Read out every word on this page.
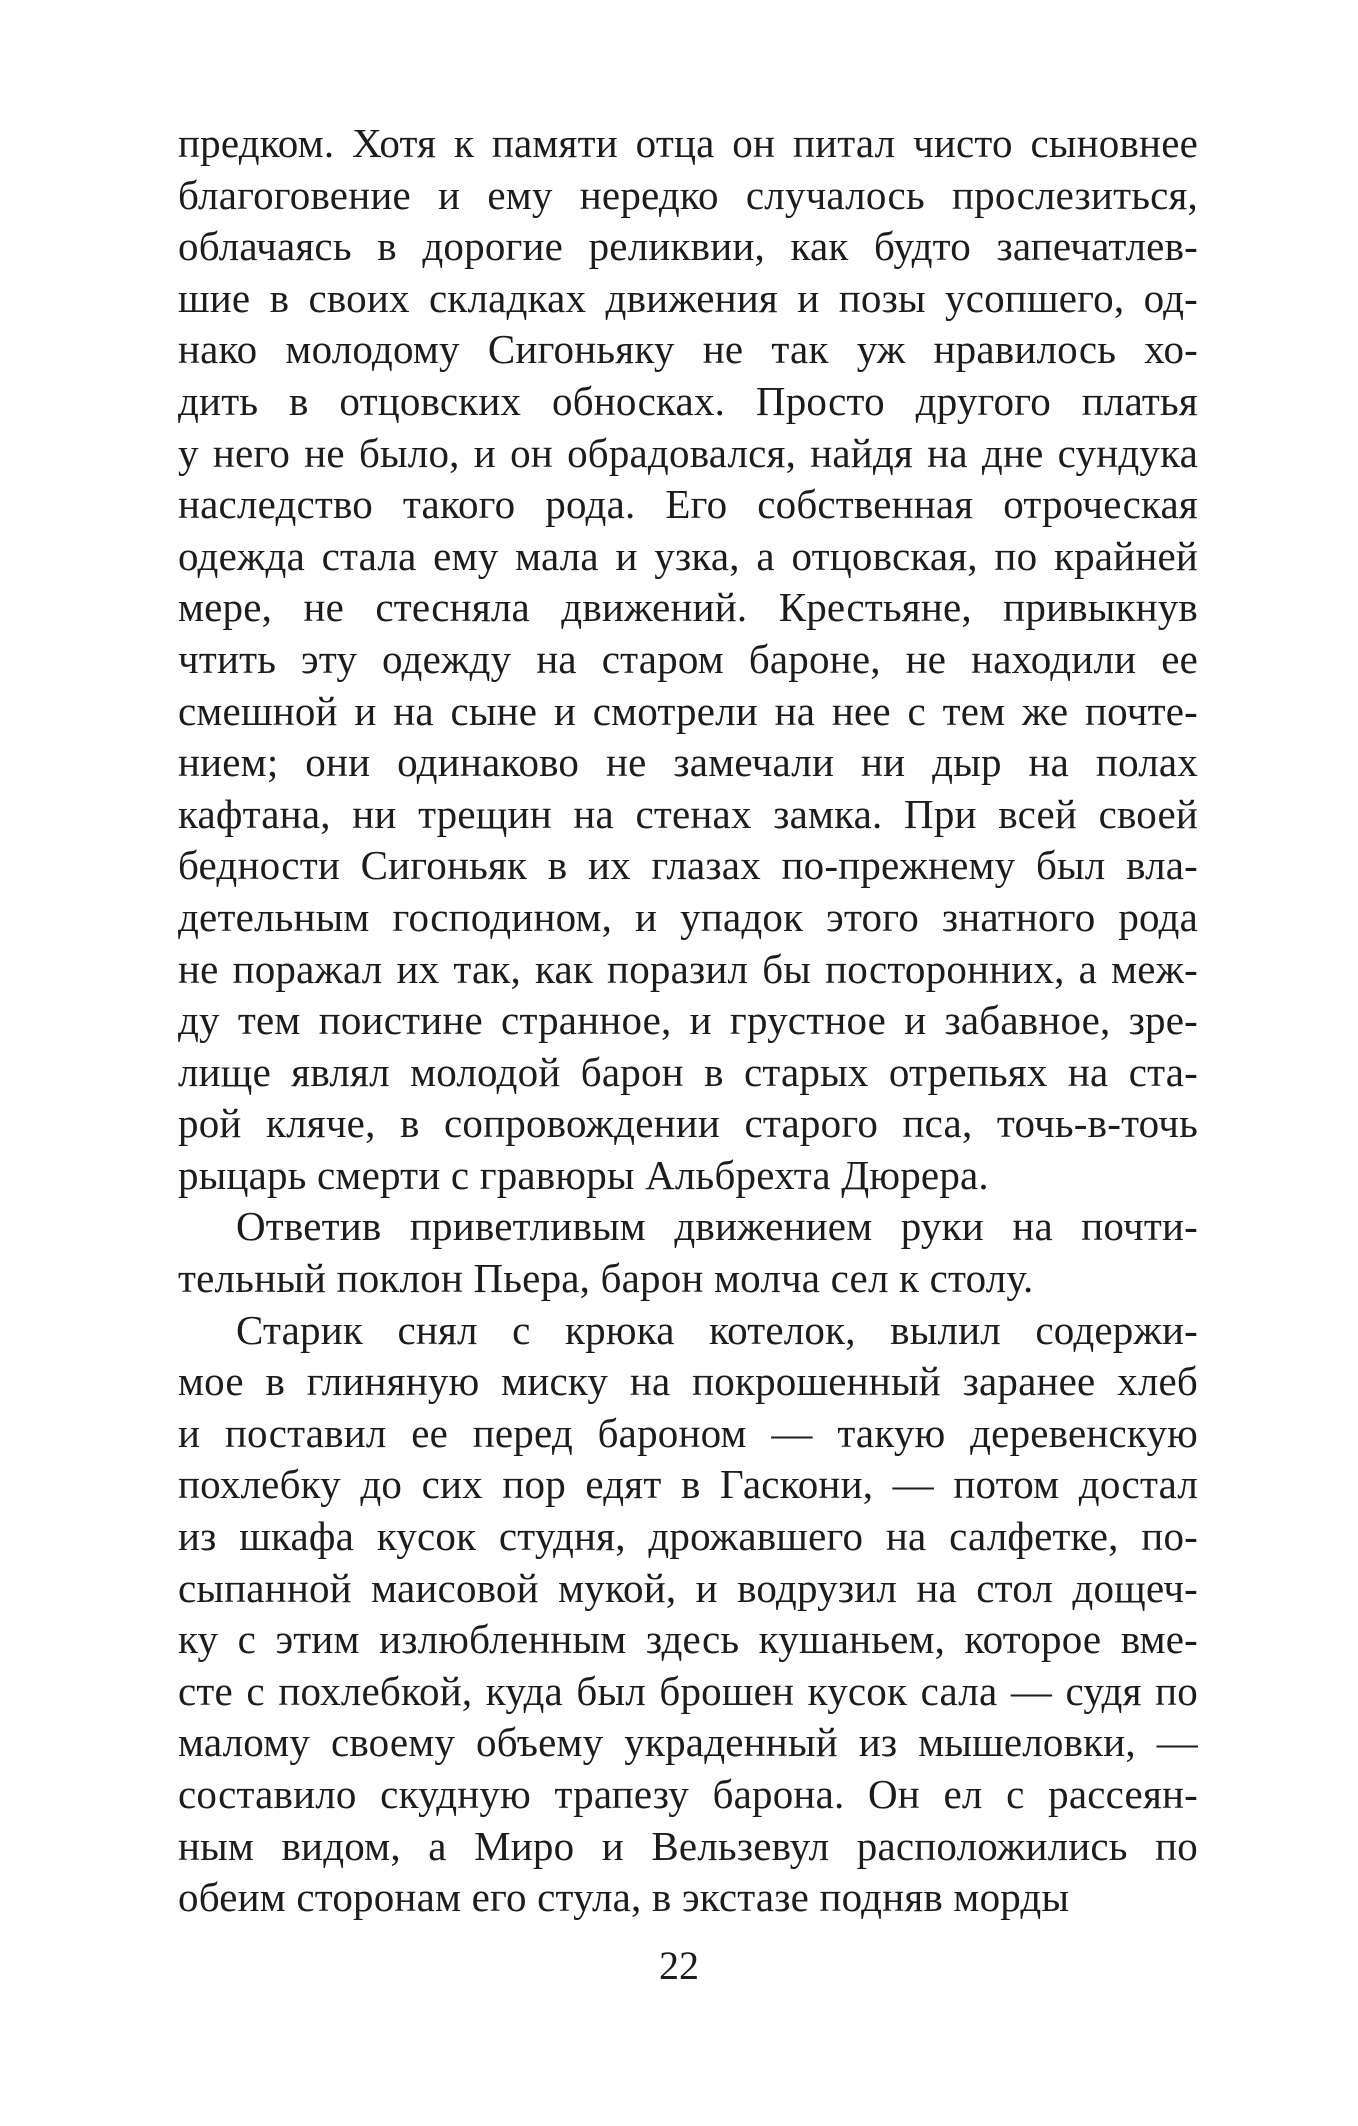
предком. Хотя к памяти отца он питал чисто сыновнее
благоговение и ему нередко случалось прослезиться,
облачаясь в дорогие реликвии, как будто запечатлев-
шие в своих складках движения и позы усопшего, од-
нако молодому Сигоньяку не так уж нравилось хо-
дить в отцовских обносках. Просто другого платья
у него не было, и он обрадовался, найдя на дне сундука
наследство такого рода. Его собственная отроческая
одежда стала ему мала и узка, а отцовская, по крайней
мере, не стесняла движений. Крестьяне, привыкнув
чтить эту одежду на старом бароне, не находили ее
смешной и на сыне и смотрели на нее с тем же почте-
нием; они одинаково не замечали ни дыр на полах
кафтана, ни трещин на стенах замка. При всей своей
бедности Сигоньяк в их глазах по-прежнему был вла-
детельным господином, и упадок этого знатного рода
не поражал их так, как поразил бы посторонних, а меж-
ду тем поистине странное, и грустное и забавное, зре-
лище являл молодой барон в старых отрепьях на ста-
рой кляче, в сопровождении старого пса, точь-в-точь
рыцарь смерти с гравюры Альбрехта Дюрера.
Ответив приветливым движением руки на почти-
тельный поклон Пьера, барон молча сел к столу.
Старик снял с крюка котелок, вылил содержи-
мое в глиняную миску на покрошенный заранее хлеб
и поставил ее перед бароном — такую деревенскую
похлебку до сих пор едят в Гаскони, — потом достал
из шкафа кусок студня, дрожавшего на салфетке, по-
сыпанной маисовой мукой, и водрузил на стол дощеч-
ку с этим излюбленным здесь кушаньем, которое вме-
сте с похлебкой, куда был брошен кусок сала — судя по
малому своему объему украденный из мышеловки, —
составило скудную трапезу барона. Он ел с рассеян-
ным видом, а Миро и Вельзевул расположились по
обеим сторонам его стула, в экстазе подняв морды
22
